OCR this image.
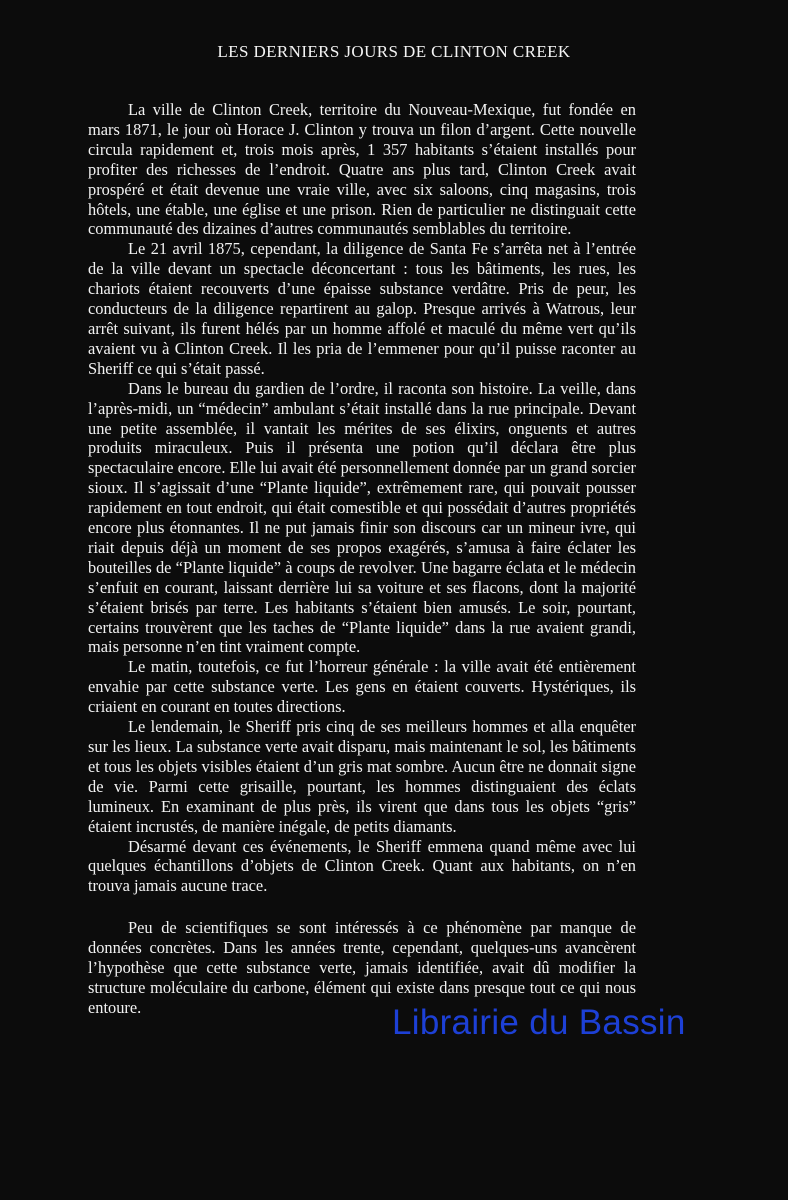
LES DERNIERS JOURS DE CLINTON CREEK

La ville de Clinton Creek, territoire du Nouveau-Mexique, fut fondée en mars 1871, le jour où Horace J. Clinton y trouva un filon d’argent. Cette nouvelle circula rapidement et, trois mois après, 1 357 habitants s’étaient installés pour profiter des richesses de l’endroit. Quatre ans plus tard, Clinton Creek avait prospéré et était devenue une vraie ville, avec six saloons, cinq magasins, trois hôtels, une étable, une église et une prison. Rien de particulier ne distinguait cette communauté des dizaines d’autres communautés semblables du territoire.

Le 21 avril 1875, cependant, la diligence de Santa Fe s’arrêta net à l’entrée de la ville devant un spectacle déconcertant : tous les bâtiments, les rues, les chariots étaient recouverts d’une épaisse substance verdâtre. Pris de peur, les conducteurs de la diligence repartirent au galop. Presque arrivés à Watrous, leur arrêt suivant, ils furent hélés par un homme affolé et maculé du même vert qu’ils avaient vu à Clinton Creek. Il les pria de l’emmener pour qu’il puisse raconter au Sheriff ce qui s’était passé.

Dans le bureau du gardien de l’ordre, il raconta son histoire. La veille, dans l’après-midi, un “médecin” ambulant s’était installé dans la rue principale. Devant une petite assemblée, il vantait les mérites de ses élixirs, onguents et autres produits miraculeux. Puis il présenta une potion qu’il déclara être plus spectaculaire encore. Elle lui avait été personnellement donnée par un grand sorcier sioux. Il s’agissait d’une “Plante liquide”, extrêmement rare, qui pouvait pousser rapidement en tout endroit, qui était comestible et qui possédait d’autres propriétés encore plus étonnantes. Il ne put jamais finir son discours car un mineur ivre, qui riait depuis déjà un moment de ses propos exagérés, s’amusa à faire éclater les bouteilles de “Plante liquide” à coups de revolver. Une bagarre éclata et le médecin s’enfuit en courant, laissant derrière lui sa voiture et ses flacons, dont la majorité s’étaient brisés par terre. Les habitants s’étaient bien amusés. Le soir, pourtant, certains trouvèrent que les taches de “Plante liquide” dans la rue avaient grandi, mais personne n’en tint vraiment compte.

Le matin, toutefois, ce fut l’horreur générale : la ville avait été entièrement envahie par cette substance verte. Les gens en étaient couverts. Hystériques, ils criaient en courant en toutes directions.

Le lendemain, le Sheriff pris cinq de ses meilleurs hommes et alla enquêter sur les lieux. La substance verte avait disparu, mais maintenant le sol, les bâtiments et tous les objets visibles étaient d’un gris mat sombre. Aucun être ne donnait signe de vie. Parmi cette grisaille, pourtant, les hommes distinguaient des éclats lumineux. En examinant de plus près, ils virent que dans tous les objets “gris” étaient incrustés, de manière inégale, de petits diamants.

Désarmé devant ces événements, le Sheriff emmena quand même avec lui quelques échantillons d’objets de Clinton Creek. Quant aux habitants, on n’en trouva jamais aucune trace.

Peu de scientifiques se sont intéressés à ce phénomène par manque de données concrètes. Dans les années trente, cependant, quelques-uns avancèrent l’hypothèse que cette substance verte, jamais identifiée, avait dû modifier la structure moléculaire du carbone, élément qui existe dans presque tout ce qui nous entoure.	Librairie du Bassin
